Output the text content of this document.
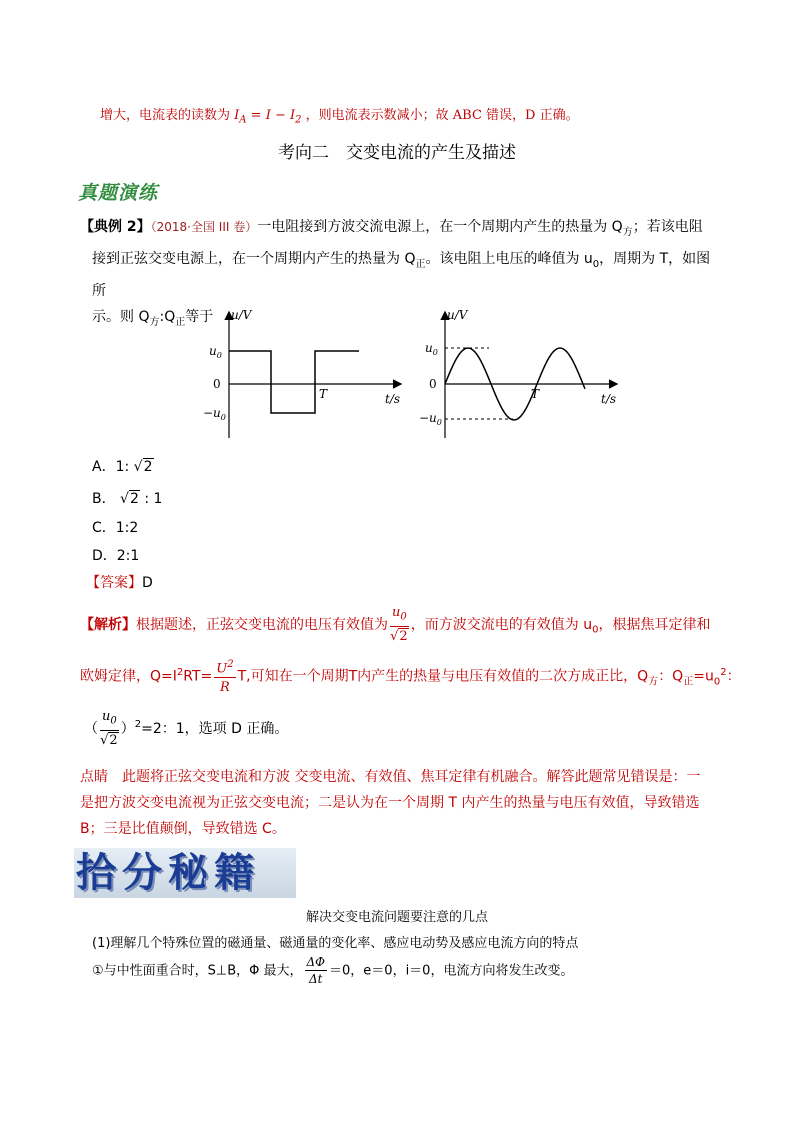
增大，电流表的读数为 $I_A = I - I_2$ ，则电流表示数减小；故 ABC 错误，D 正确。
考向二　交变电流的产生及描述
真题演练
【典例 2】（2018·全国 III 卷）一电阻接到方波交流电源上，在一个周期内产生的热量为 $Q_方$；若该电阻
接到正弦交变电源上，在一个周期内产生的热量为 $Q_正$。该电阻上电压的峰值为 $u_0$，周期为 T，如图所
示。则 $Q_方:Q_正$等于	u/V
$u_0$
0
$-u_0$
T	t/s
u/V
$u_0$
0
$-u_0$
T	t/s
A．1: √2
B． √2 : 1
C．1:2
D．2:1
【答案】D
【解析】根据题述，正弦交变电流的电压有效值为 $\frac{u_0}{√2}$ ，而方波交流电的有效值为 $u_0$，根据焦耳定律和
欧姆定律，$Q=I^2RT= \frac{U^2}{R} T$,可知在一个周期T内产生的热量与电压有效值的二次方成正比，$Q_方$：$Q_正=u_0^2$：
（ $\frac{u_0}{√2} )^2=2$：1，选项 D 正确。
点睛　此题将正弦交变电流和方波 交变电流、有效值、焦耳定律有机融合。解答此题常见错误是：一
是把方波交变电流视为正弦交变电流；二是认为在一个周期 T 内产生的热量与电压有效值，导致错选
B；三是比值颠倒，导致错选 C。
拾分秘籍
解决交变电流问题要注意的几点
(1)理解几个特殊位置的磁通量、磁通量的变化率、感应电动势及感应电流方向的特点
①与中性面重合时，S⊥B，Φ 最大， $\frac{\Delta\Phi}{\Delta t} =0$，e＝0，i＝0，电流方向将发生改变。
